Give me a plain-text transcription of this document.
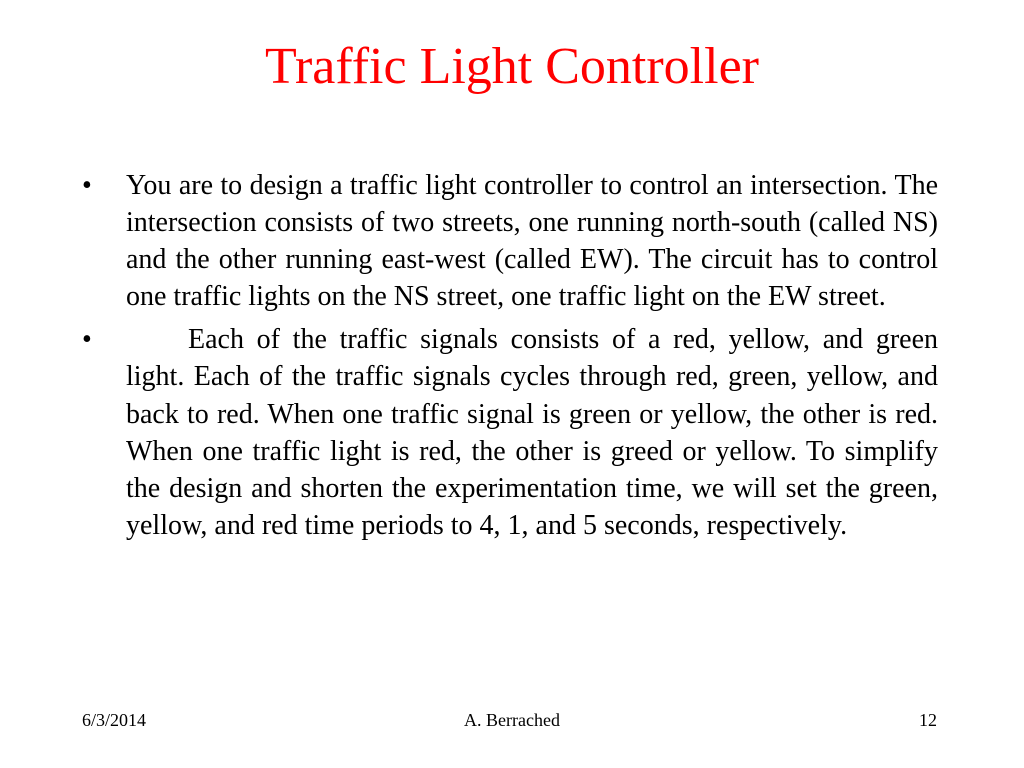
Traffic Light Controller
• You are to design a traffic light controller to control an intersection. The intersection consists of two streets, one running north-south (called NS) and the other running east-west (called EW). The circuit has to control one traffic lights on the NS street, one traffic light on the EW street.
•	Each of the traffic signals consists of a red, yellow, and green light. Each of the traffic signals cycles through red, green, yellow, and back to red. When one traffic signal is green or yellow, the other is red. When one traffic light is red, the other is greed or yellow. To simplify the design and shorten the experimentation time, we will set the green, yellow, and red time periods to 4, 1, and 5 seconds, respectively.
6/3/2014	A. Berrached	12
